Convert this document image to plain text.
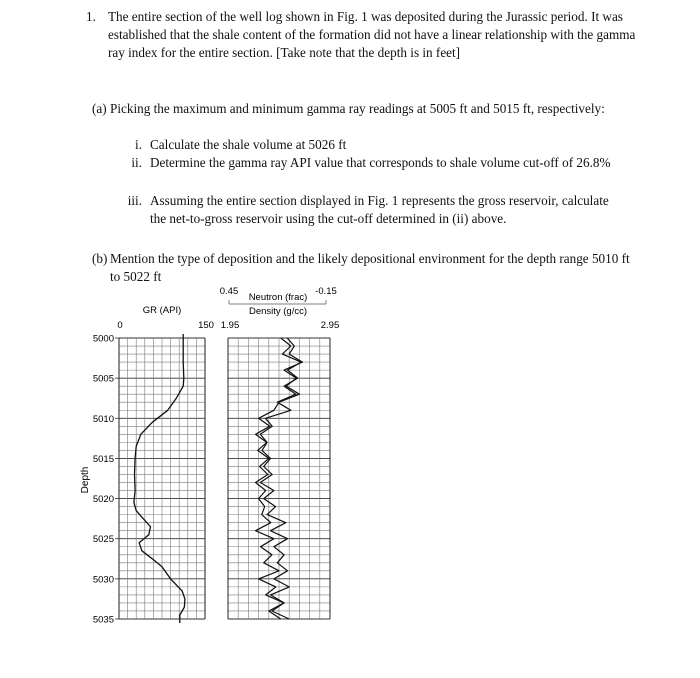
1. The entire section of the well log shown in Fig. 1 was deposited during the Jurassic period. It was established that the shale content of the formation did not have a linear relationship with the gamma ray index for the entire section. [Take note that the depth is in feet]
(a) Picking the maximum and minimum gamma ray readings at 5005 ft and 5015 ft, respectively:
i. Calculate the shale volume at 5026 ft
ii. Determine the gamma ray API value that corresponds to shale volume cut-off of 26.8%
iii. Assuming the entire section displayed in Fig. 1 represents the gross reservoir, calculate the net-to-gross reservoir using the cut-off determined in (ii) above.
(b) Mention the type of deposition and the likely depositional environment for the depth range 5010 ft to 5022 ft
Depth
GR (API)
0	150
0.45
Neutron (frac)
-0.15
Density (g/cc)
1.95	2.95
5000
5005
5010
5015
5020
5025
5030
5035
